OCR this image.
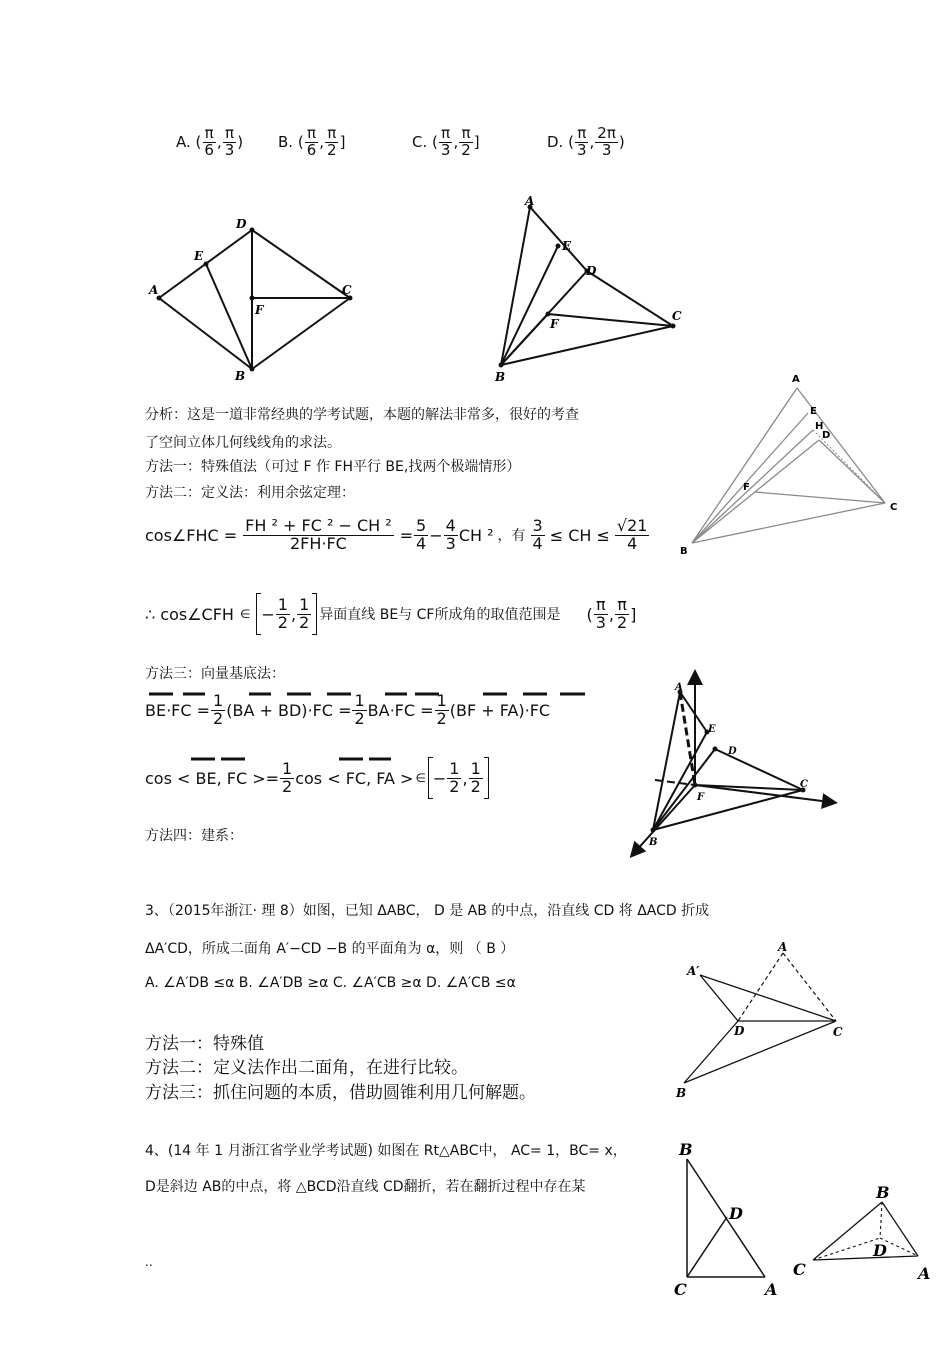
A. ( $\frac{\pi}{6}$ , $\frac{\pi}{3}$ ) B. ( $\frac{\pi}{6}$ , $\frac{\pi}{2}$ ]	C. ( $\frac{\pi}{3}$ , $\frac{\pi}{2}$ ]	D. ( $\frac{\pi}{3}$ , $\frac{2\pi}{3}$ )
A
D
E
C
F
B
A
E
D
C
F
B	A
E
H
D
F
C
B
分析：这是一道非常经典的学考试题，本题的解法非常多，很好的考查
了空间立体几何线线角的求法。
方法一：特殊值法（可过 F 作 FH平行 BE,找两个极端情形）
方法二：定义法：利用余弦定理：
cos∠FHC = $\frac{\text{FH ² + FC ² − CH ²}}{2FH\cdot FC} = \frac{5}{4} - \frac{4}{3}$ CH ² ，有 $\frac{3}{4}$ ≤ CH ≤ $\frac{√21}{4}$
∴ cos∠CFH ∈ − $\frac{1}{2}$ , $\frac{1}{2}$ 异面直线 BE与 CF所成角的取值范围是 ( $\frac{\pi}{3}$ , $\frac{\pi}{2}$ ]
方法三：向量基底法：
$BE\cdot FC = \frac{1}{2} (BA + BD)\cdot FC = \frac{1}{2} BA\cdot FC = \frac{1}{2} (BF + FA)\cdot FC$
cos < BE, FC >= $\frac{1}{2}$ cos < FC, FA > ∈ − $\frac{1}{2}$ , $\frac{1}{2}$
方法四：建系：
A
E
D
C
F
B
3、（2015年浙江· 理 8）如图，已知 ΔABC， D 是 AB 的中点，沿直线 CD 将 ΔACD 折成
ΔA′CD，所成二面角 A′−CD −B 的平面角为 α，则 （ B ）
A. ∠A′DB ≤α B. ∠A′DB ≥α C. ∠A′CB ≥α D. ∠A′CB ≤α
方法一：特殊值
方法二：定义法作出二面角，在进行比较。
方法三：抓住问题的本质，借助圆锥利用几何解题。
A
A′
D	C
B
4、(14 年 1 月浙江省学业学考试题) 如图在 Rt△ABC中， AC= 1，BC= x，
D是斜边 AB的中点，将 △BCD沿直线 CD翻折，若在翻折过程中存在某
B
D
C	A
B
D
C	A
..
